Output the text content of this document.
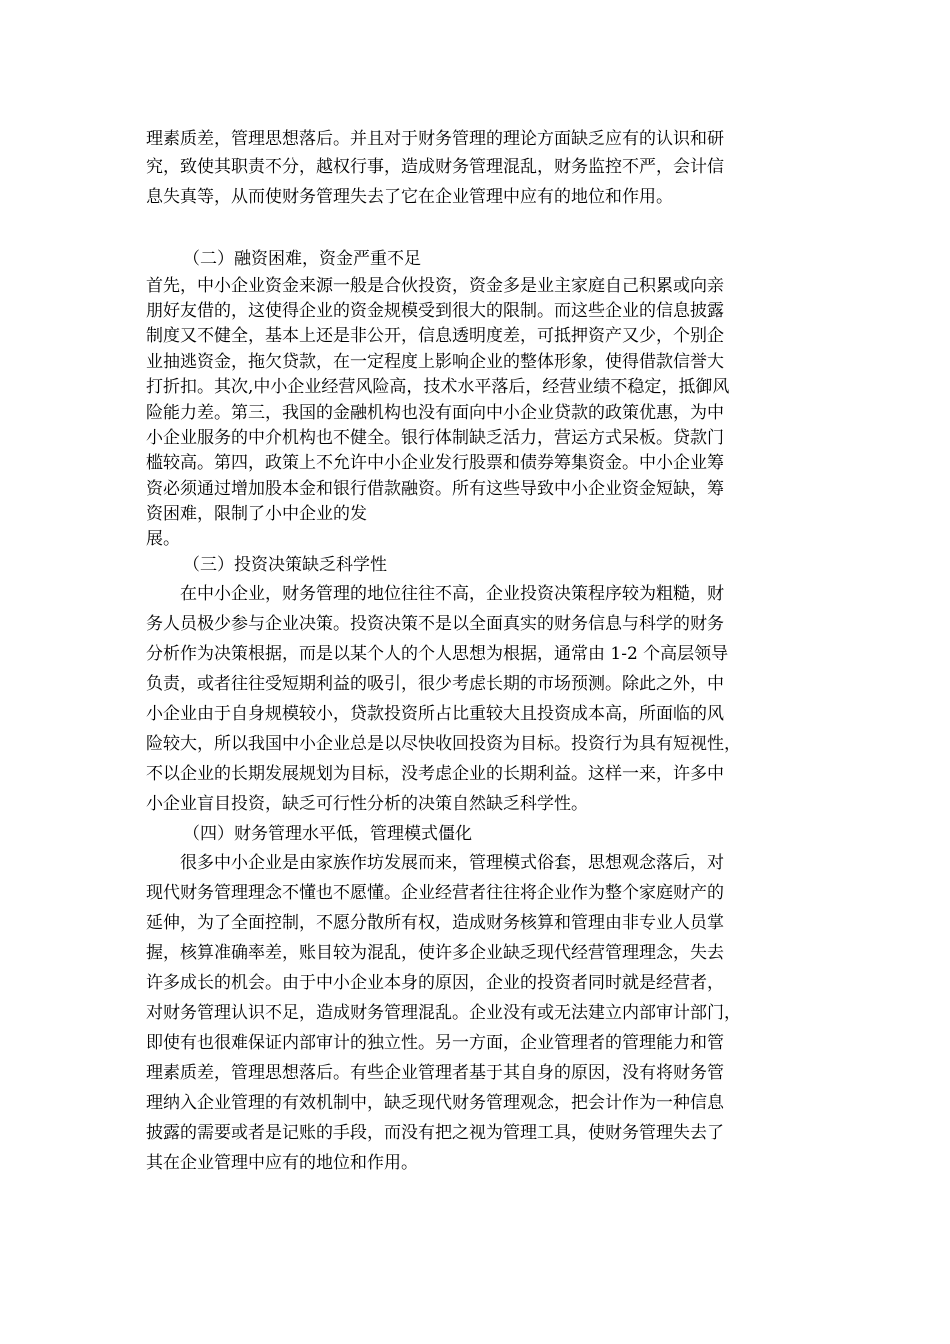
理素质差，管理思想落后。并且对于财务管理的理论方面缺乏应有的认识和研
究，致使其职责不分，越权行事，造成财务管理混乱，财务监控不严，会计信
息失真等，从而使财务管理失去了它在企业管理中应有的地位和作用。
（二）融资困难，资金严重不足
首先，中小企业资金来源一般是合伙投资，资金多是业主家庭自己积累或向亲
朋好友借的，这使得企业的资金规模受到很大的限制。而这些企业的信息披露
制度又不健全，基本上还是非公开，信息透明度差，可抵押资产又少，个别企
业抽逃资金，拖欠贷款，在一定程度上影响企业的整体形象，使得借款信誉大
打折扣。其次,中小企业经营风险高，技术水平落后，经营业绩不稳定，抵御风
险能力差。第三，我国的金融机构也没有面向中小企业贷款的政策优惠，为中
小企业服务的中介机构也不健全。银行体制缺乏活力，营运方式呆板。贷款门
槛较高。第四，政策上不允许中小企业发行股票和债券筹集资金。中小企业筹
资必须通过增加股本金和银行借款融资。所有这些导致中小企业资金短缺，筹
资困难，限制了小中企业的发
展。
（三）投资决策缺乏科学性
在中小企业，财务管理的地位往往不高，企业投资决策程序较为粗糙，财
务人员极少参与企业决策。投资决策不是以全面真实的财务信息与科学的财务
分析作为决策根据，而是以某个人的个人思想为根据，通常由 1-2 个高层领导
负责，或者往往受短期利益的吸引，很少考虑长期的市场预测。除此之外，中
小企业由于自身规模较小，贷款投资所占比重较大且投资成本高，所面临的风
险较大，所以我国中小企业总是以尽快收回投资为目标。投资行为具有短视性，
不以企业的长期发展规划为目标，没考虑企业的长期利益。这样一来，许多中
小企业盲目投资，缺乏可行性分析的决策自然缺乏科学性。
（四）财务管理水平低，管理模式僵化
很多中小企业是由家族作坊发展而来，管理模式俗套，思想观念落后，对
现代财务管理理念不懂也不愿懂。企业经营者往往将企业作为整个家庭财产的
延伸，为了全面控制，不愿分散所有权，造成财务核算和管理由非专业人员掌
握，核算准确率差，账目较为混乱，使许多企业缺乏现代经营管理理念，失去
许多成长的机会。由于中小企业本身的原因，企业的投资者同时就是经营者，
对财务管理认识不足，造成财务管理混乱。企业没有或无法建立内部审计部门，
即使有也很难保证内部审计的独立性。另一方面，企业管理者的管理能力和管
理素质差，管理思想落后。有些企业管理者基于其自身的原因，没有将财务管
理纳入企业管理的有效机制中，缺乏现代财务管理观念，把会计作为一种信息
披露的需要或者是记账的手段，而没有把之视为管理工具，使财务管理失去了
其在企业管理中应有的地位和作用。
